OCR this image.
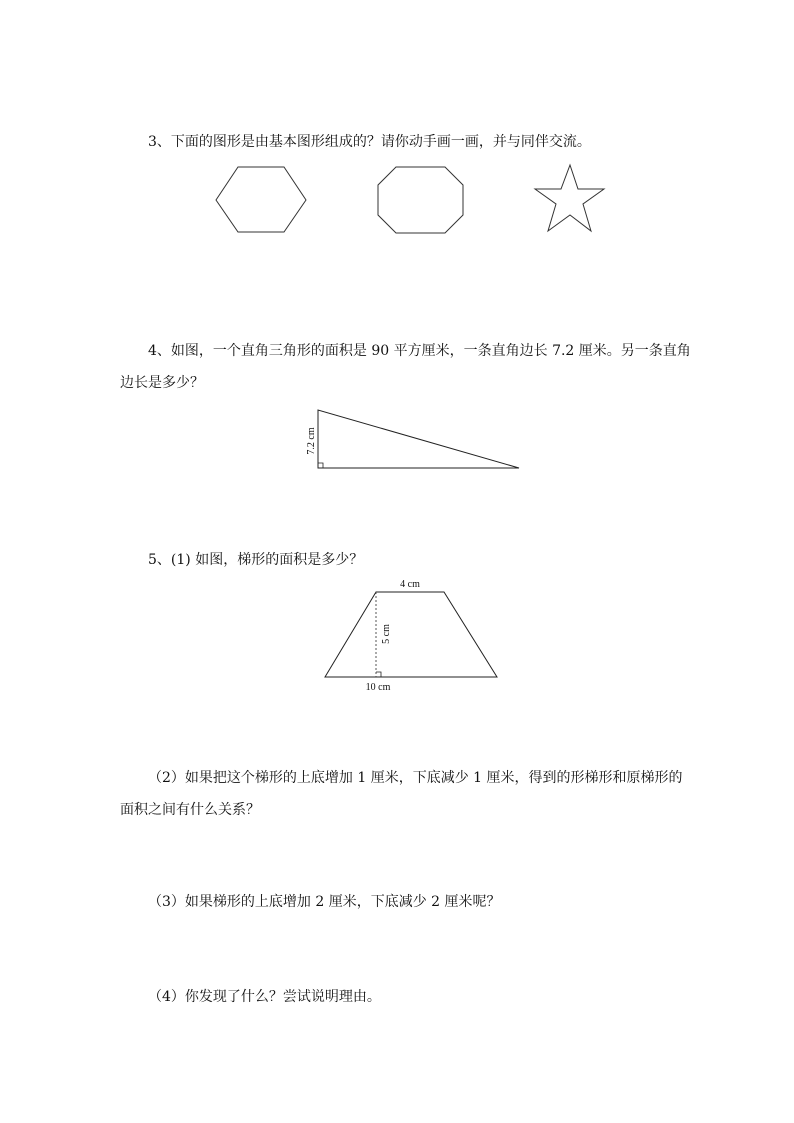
3、下面的图形是由基本图形组成的？请你动手画一画，并与同伴交流。
7.2 cm
4 cm
5 cm
10 cm
4、如图，一个直角三角形的面积是 90 平方厘米，一条直角边长 7.2 厘米。另一条直角
边长是多少？
5、(1) 如图，梯形的面积是多少？
（2）如果把这个梯形的上底增加 1 厘米，下底减少 1 厘米，得到的形梯形和原梯形的
面积之间有什么关系？
（3）如果梯形的上底增加 2 厘米，下底减少 2 厘米呢？
（4）你发现了什么？尝试说明理由。
